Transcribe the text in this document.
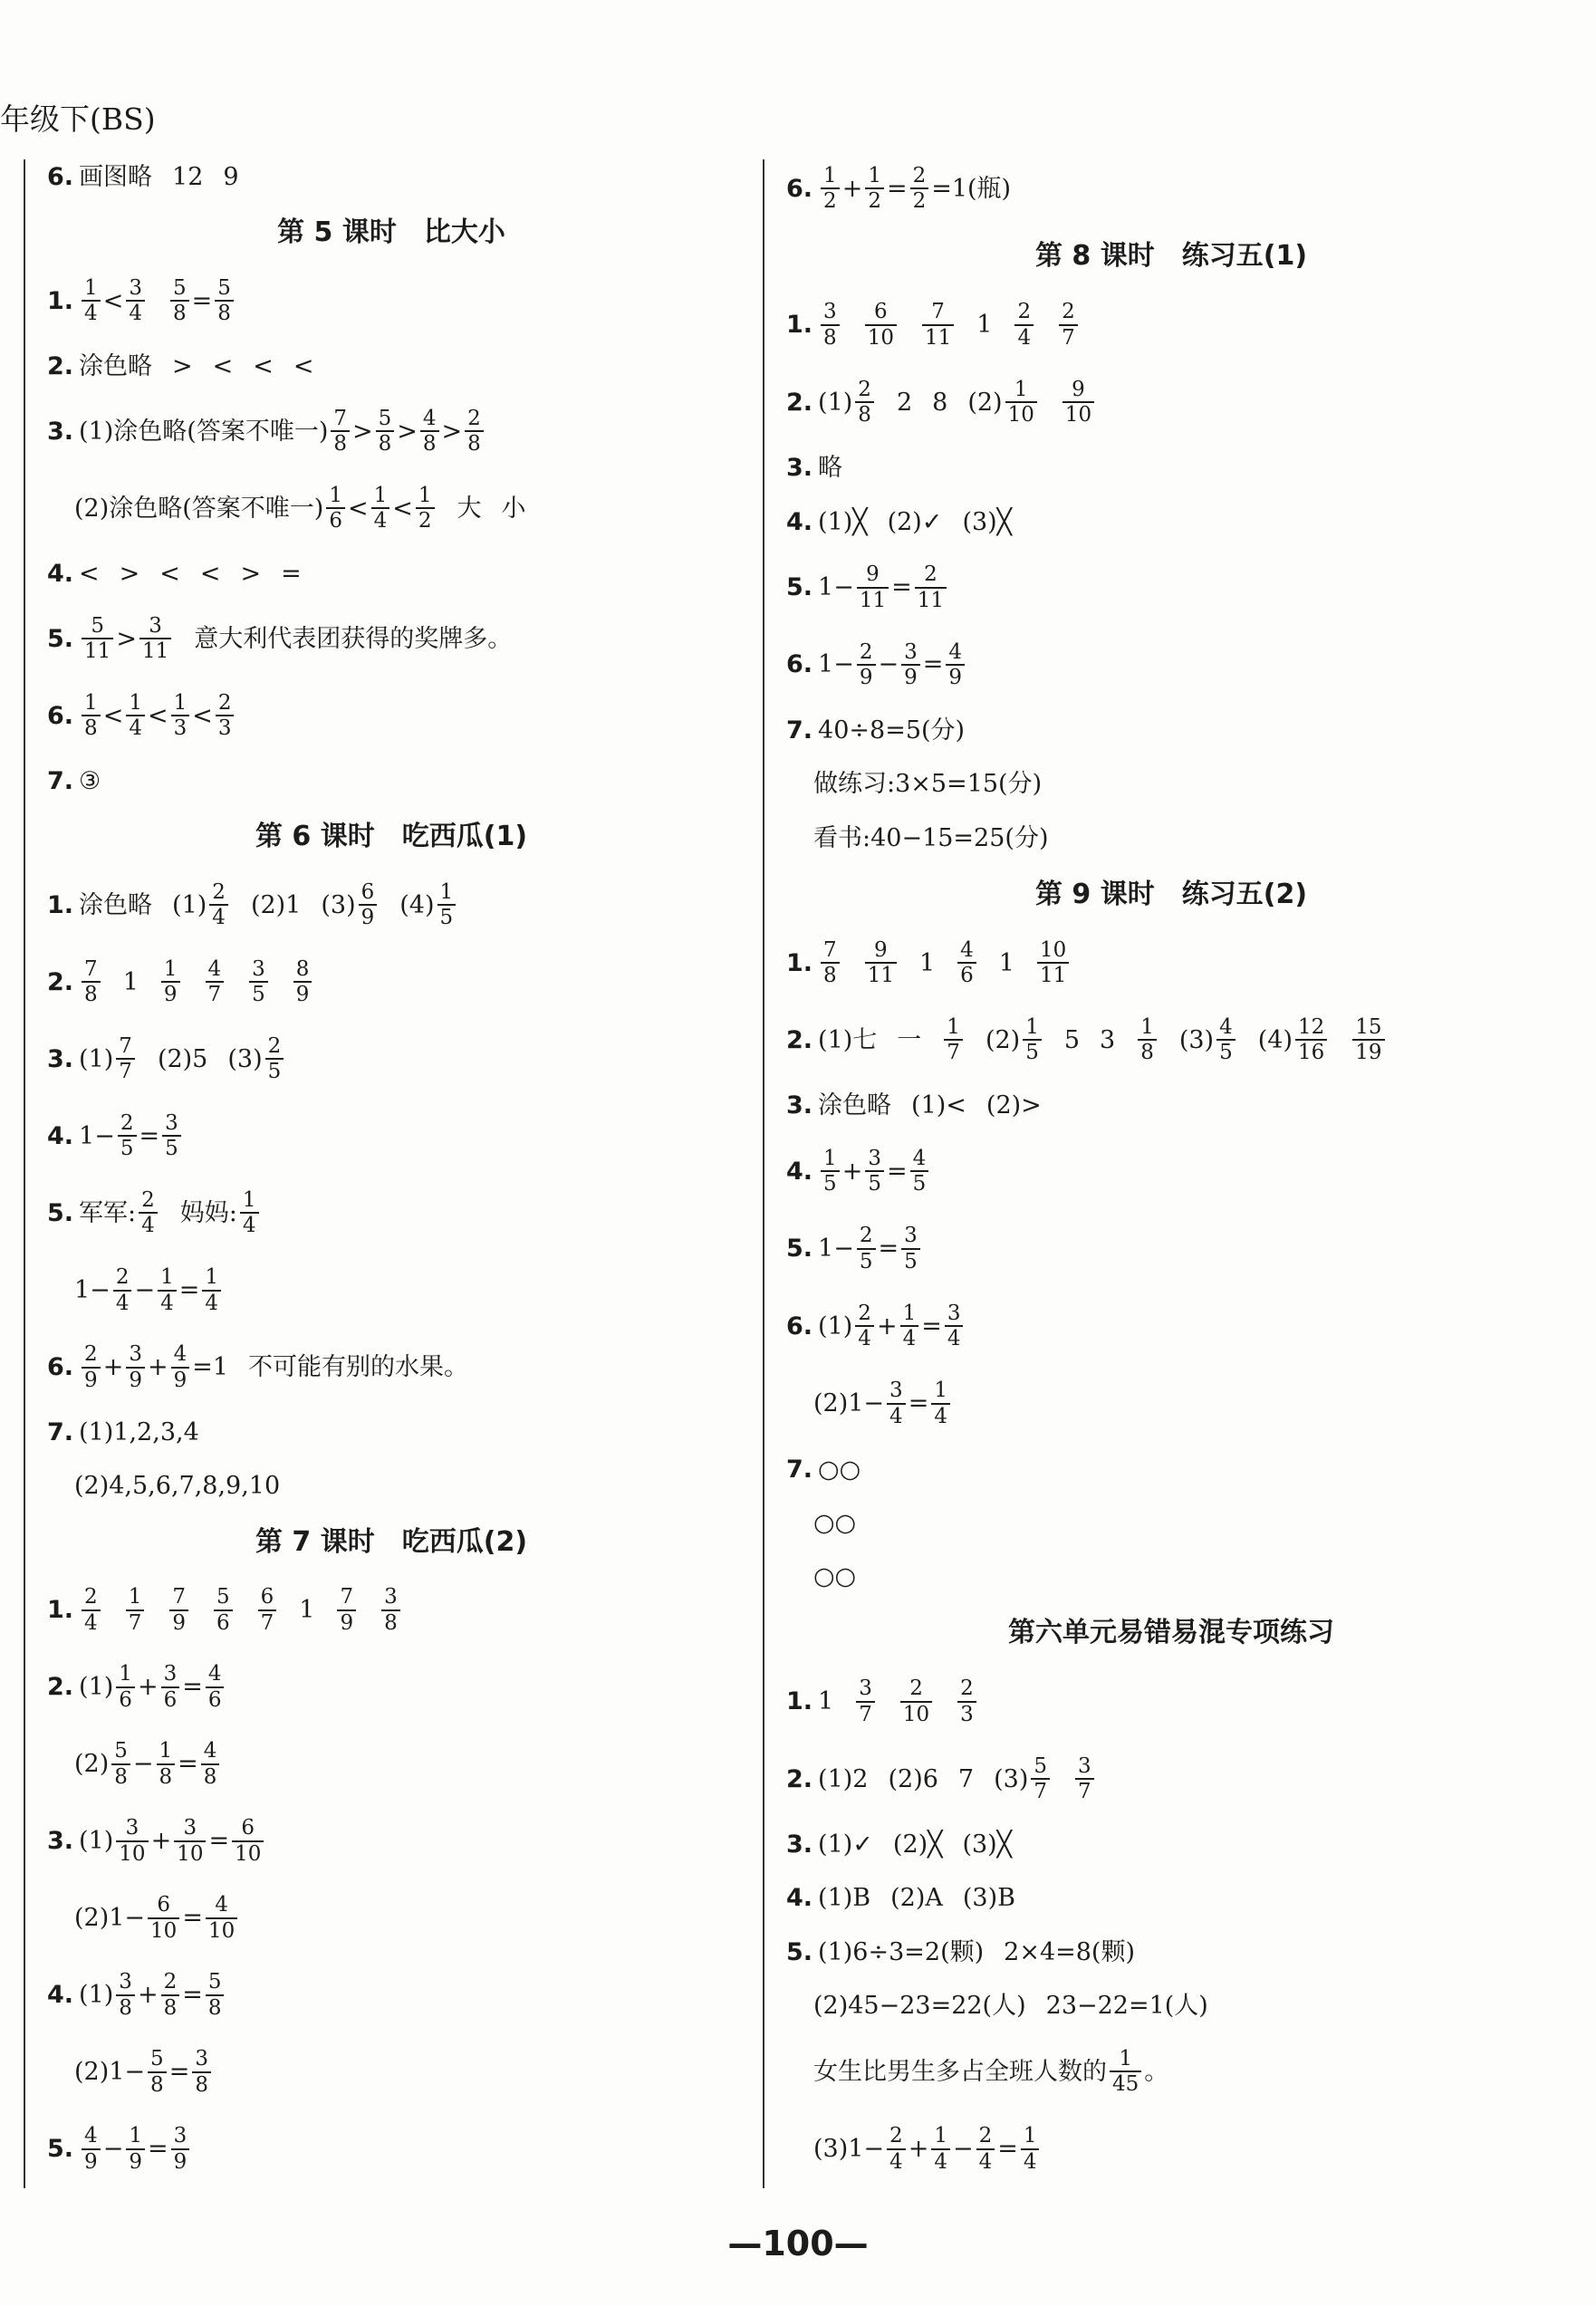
年级下(BS)
6. 画图略 12 9
第 5 课时　比大小
1. $\frac{1}{4} < \frac{3}{4} \frac{5}{8} = \frac{5}{8}$
2. 涂色略 > < < <
3. (1)涂色略(答案不唯一) $\frac{7}{8} > \frac{5}{8} > \frac{4}{8} > \frac{2}{8}$
(2)涂色略(答案不唯一) $\frac{1}{6} < \frac{1}{4} < \frac{1}{2}$ 大 小
4. < > < < > =
5. $\frac{5}{11} > \frac{3}{11}$ 意大利代表团获得的奖牌多。
6. $\frac{1}{8} < \frac{1}{4} < \frac{1}{3} < \frac{2}{3}$
7. ③
第 6 课时　吃西瓜(1)
1. 涂色略 $(1) \frac{2}{4} (2)1$ $(3) \frac{6}{9} (4) \frac{1}{5}$
2. $\frac{7}{8} 1 \frac{1}{9} \frac{4}{7} \frac{3}{5} \frac{8}{9}$
3. $(1) \frac{7}{7} (2)5$ $(3) \frac{2}{5}$
4. $1- \frac{2}{5} = \frac{3}{5}$
5. 军军: $\frac{2}{4}$ 妈妈: $\frac{1}{4}$
$1- \frac{2}{4} - \frac{1}{4} = \frac{1}{4}$
6. $\frac{2}{9} + \frac{3}{9} + \frac{4}{9} =1$ 不可能有别的水果。
7. (1)1,2,3,4
(2)4,5,6,7,8,9,10
第 7 课时　吃西瓜(2)
1. $\frac{2}{4} \frac{1}{7} \frac{7}{9} \frac{5}{6} \frac{6}{7} 1 \frac{7}{9} \frac{3}{8}$
2. $(1) \frac{1}{6} + \frac{3}{6} = \frac{4}{6}$
$(2) \frac{5}{8} - \frac{1}{8} = \frac{4}{8}$
3. $(1) \frac{3}{10} + \frac{3}{10} = \frac{6}{10}$
$(2)1- \frac{6}{10} = \frac{4}{10}$
4. $(1) \frac{3}{8} + \frac{2}{8} = \frac{5}{8}$
$(2)1- \frac{5}{8} = \frac{3}{8}$
5. $\frac{4}{9} - \frac{1}{9} = \frac{3}{9}$
6. $\frac{1}{2} + \frac{1}{2} = \frac{2}{2} =1$(瓶)
第 8 课时　练习五(1)
1. $\frac{3}{8} \frac{6}{10} \frac{7}{11} 1 \frac{2}{4} \frac{2}{7}$
2. $(1) \frac{2}{8} 2$ 8 $(2) \frac{1}{10} \frac{9}{10}$
3. 略
4. (1)╳ (2)✓ (3)╳
5. $1- \frac{9}{11} = \frac{2}{11}$
6. $1- \frac{2}{9} - \frac{3}{9} = \frac{4}{9}$
7. 40÷8=5(分)
做练习:3×5=15(分)
看书:40−15=25(分)
第 9 课时　练习五(2)
1. $\frac{7}{8} \frac{9}{11} 1 \frac{4}{6} 1 \frac{10}{11}$
2. (1)七 一 $\frac{1}{7} (2) \frac{1}{5} 5$ $3 \frac{1}{8} (3) \frac{4}{5} (4) \frac{12}{16} \frac{15}{19}$
3. 涂色略 (1)< (2)>
4. $\frac{1}{5} + \frac{3}{5} = \frac{4}{5}$
5. $1- \frac{2}{5} = \frac{3}{5}$
6. $(1) \frac{2}{4} + \frac{1}{4} = \frac{3}{4}$
$(2)1- \frac{3}{4} = \frac{1}{4}$
7. ○○
○○
○○
第六单元易错易混专项练习
1. $1 \frac{3}{7} \frac{2}{10} \frac{2}{3}$
2. (1)2 (2)6 7 $(3) \frac{5}{7} \frac{3}{7}$
3. (1)✓ (2)╳ (3)╳
4. (1)B (2)A (3)B
5. (1)6÷3=2(颗) 2×4=8(颗)
(2)45−23=22(人) 23−22=1(人)
女生比男生多占全班人数的 $\frac{1}{45}$ 。
$(3)1- \frac{2}{4} + \frac{1}{4} - \frac{2}{4} = \frac{1}{4}$
—100—
